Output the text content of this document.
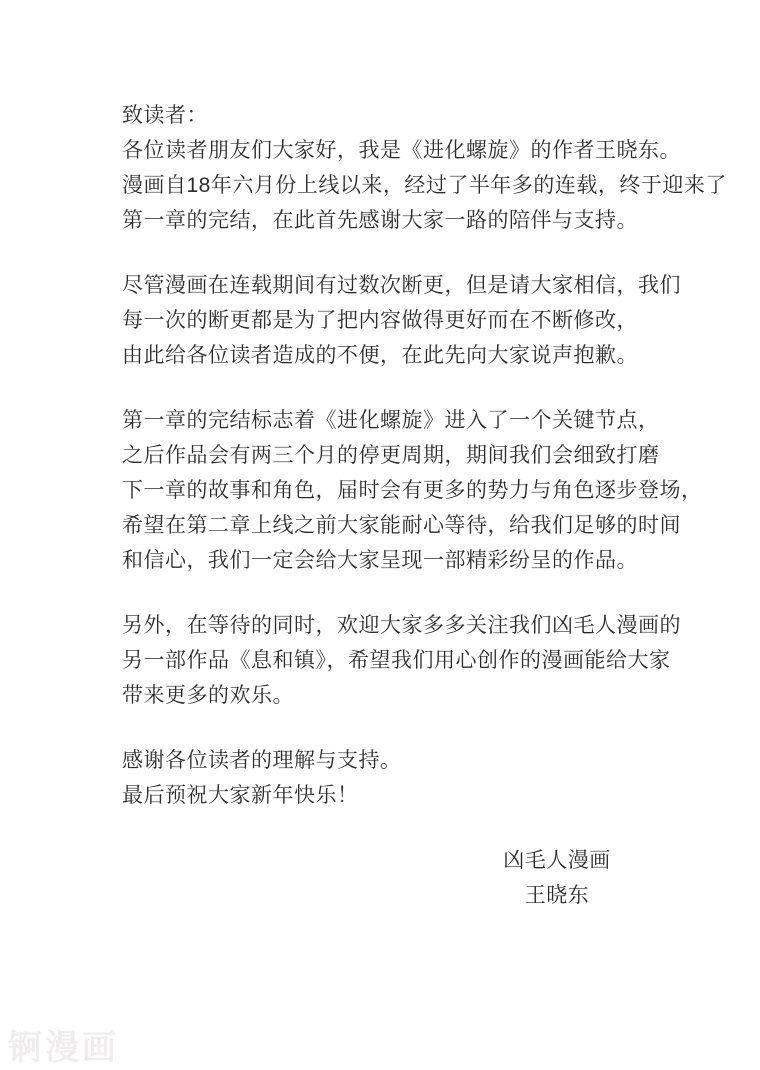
致读者：
各位读者朋友们大家好，我是《进化螺旋》的作者王晓东。
漫画自18年六月份上线以来，经过了半年多的连载，终于迎来了
第一章的完结，在此首先感谢大家一路的陪伴与支持。
尽管漫画在连载期间有过数次断更，但是请大家相信，我们
每一次的断更都是为了把内容做得更好而在不断修改，
由此给各位读者造成的不便，在此先向大家说声抱歉。
第一章的完结标志着《进化螺旋》进入了一个关键节点，
之后作品会有两三个月的停更周期，期间我们会细致打磨
下一章的故事和角色，届时会有更多的势力与角色逐步登场，
希望在第二章上线之前大家能耐心等待，给我们足够的时间
和信心，我们一定会给大家呈现一部精彩纷呈的作品。
另外，在等待的同时，欢迎大家多多关注我们凶毛人漫画的
另一部作品《息和镇》，希望我们用心创作的漫画能给大家
带来更多的欢乐。
感谢各位读者的理解与支持。
最后预祝大家新年快乐！
凶毛人漫画
王晓东
锕漫画
